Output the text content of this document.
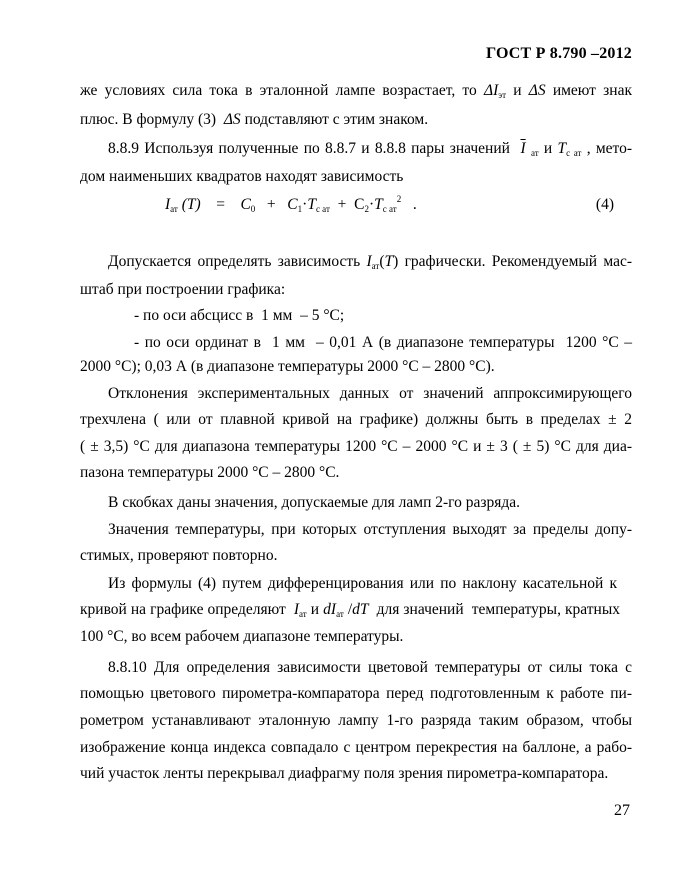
ГОСТ Р 8.790 –2012
же условиях сила тока в эталонной лампе возрастает, то $\Delta I_{эт}$ и ΔS имеют знак
плюс. В формулу (3)  ΔS подставляют с этим знаком.
8.8.9 Используя полученные по 8.8.7 и 8.8.8 пары значений  $\overline{I}$ $_{ат}$ и $T_{с ат}$ , мето-
дом наименьших квадратов находят зависимость
$I_{ат}$ (T)    =    $C_0 + C_1\cdot T_{с ат} + C_2\cdot T_{с ат}^2$   .	(4)
Допускается определять зависимость $I_{ат}(T)$ графически. Рекомендуемый мас-
штаб при построении графика:
- по оси абсцисс в  1 мм  – 5 °С;
- по оси ординат в  1 мм  – 0,01 А (в диапазоне температуры  1200 °С –
2000 °С); 0,03 А (в диапазоне температуры 2000 °С – 2800 °С).
Отклонения экспериментальных данных от значений аппроксимирующего
трехчлена ( или от плавной кривой на графике) должны быть в пределах ± 2
( ± 3,5) °С для диапазона температуры 1200 °С – 2000 °С и ± 3 ( ± 5) °С для диа-
пазона температуры 2000 °С – 2800 °С.
В скобках даны значения, допускаемые для ламп 2-го разряда.
Значения температуры, при которых отступления выходят за пределы допу-
стимых, проверяют повторно.
Из формулы (4) путем дифференцирования или по наклону касательной к
кривой на графике определяют  $I_{ат}$ и $dI_{ат}$ /dT  для значений  температуры, кратных
100 °С, во всем рабочем диапазоне температуры.
8.8.10 Для определения зависимости цветовой температуры от силы тока с
помощью цветового пирометра-компаратора перед подготовленным к работе пи-
рометром устанавливают эталонную лампу 1-го разряда таким образом, чтобы
изображение конца индекса совпадало с центром перекрестия на баллоне, а рабо-
чий участок ленты перекрывал диафрагму поля зрения пирометра-компаратора.
27
